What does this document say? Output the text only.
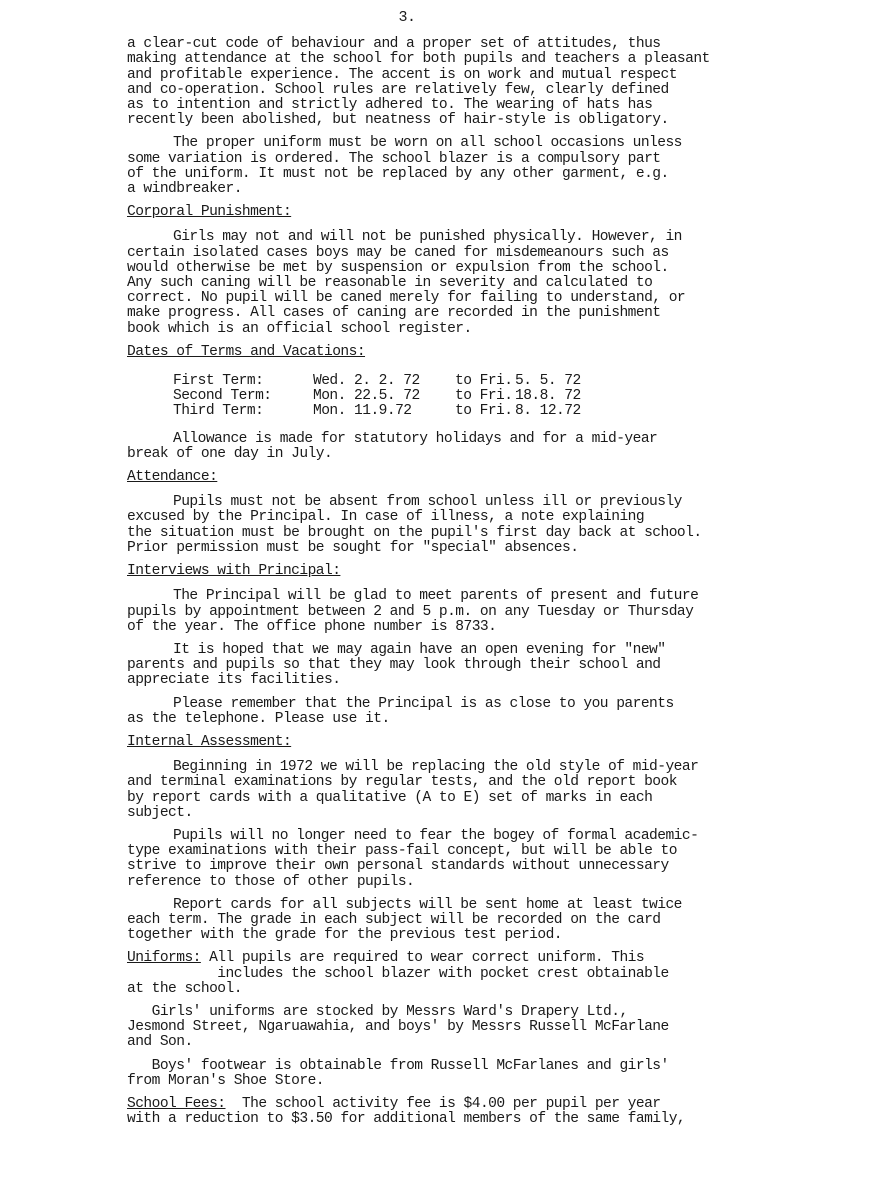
3.

a clear-cut code of behaviour and a proper set of attitudes, thus
making attendance at the school for both pupils and teachers a pleasant
and profitable experience. The accent is on work and mutual respect
and co-operation. School rules are relatively few, clearly defined
as to intention and strictly adhered to. The wearing of hats has
recently been abolished, but neatness of hair-style is obligatory.

The proper uniform must be worn on all school occasions unless
some variation is ordered. The school blazer is a compulsory part
of the uniform. It must not be replaced by any other garment, e.g.
a windbreaker.

Corporal Punishment:

Girls may not and will not be punished physically. However, in
certain isolated cases boys may be caned for misdemeanours such as
would otherwise be met by suspension or expulsion from the school.
Any such caning will be reasonable in severity and calculated to
correct. No pupil will be caned merely for failing to understand, or
make progress. All cases of caning are recorded in the punishment
book which is an official school register.

Dates of Terms and Vacations:
First Term:	Wed. 2. 2. 72	to Fri. 5. 5. 72
Second Term:	Mon. 22.5. 72	to Fri. 18.8. 72
Third Term:	Mon. 11.9.72	to Fri. 8. 12.72

Allowance is made for statutory holidays and for a mid-year
break of one day in July.

Attendance:

Pupils must not be absent from school unless ill or previously
excused by the Principal. In case of illness, a note explaining
the situation must be brought on the pupil's first day back at school.
Prior permission must be sought for "special" absences.

Interviews with Principal:

The Principal will be glad to meet parents of present and future
pupils by appointment between 2 and 5 p.m. on any Tuesday or Thursday
of the year. The office phone number is 8733.

It is hoped that we may again have an open evening for "new"
parents and pupils so that they may look through their school and
appreciate its facilities.

Please remember that the Principal is as close to you parents
as the telephone. Please use it.

Internal Assessment:

Beginning in 1972 we will be replacing the old style of mid-year
and terminal examinations by regular tests, and the old report book
by report cards with a qualitative (A to E) set of marks in each
subject.

Pupils will no longer need to fear the bogey of formal academic-
type examinations with their pass-fail concept, but will be able to
strive to improve their own personal standards without unnecessary
reference to those of other pupils.

Report cards for all subjects will be sent home at least twice
each term. The grade in each subject will be recorded on the card
together with the grade for the previous test period.

Uniforms: All pupils are required to wear correct uniform. This
includes the school blazer with pocket crest obtainable
at the school.

Girls' uniforms are stocked by Messrs Ward's Drapery Ltd.,
Jesmond Street, Ngaruawahia, and boys' by Messrs Russell McFarlane
and Son.

Boys' footwear is obtainable from Russell McFarlanes and girls'
from Moran's Shoe Store.

School Fees:  The school activity fee is $4.00 per pupil per year
with a reduction to $3.50 for additional members of the same family,
